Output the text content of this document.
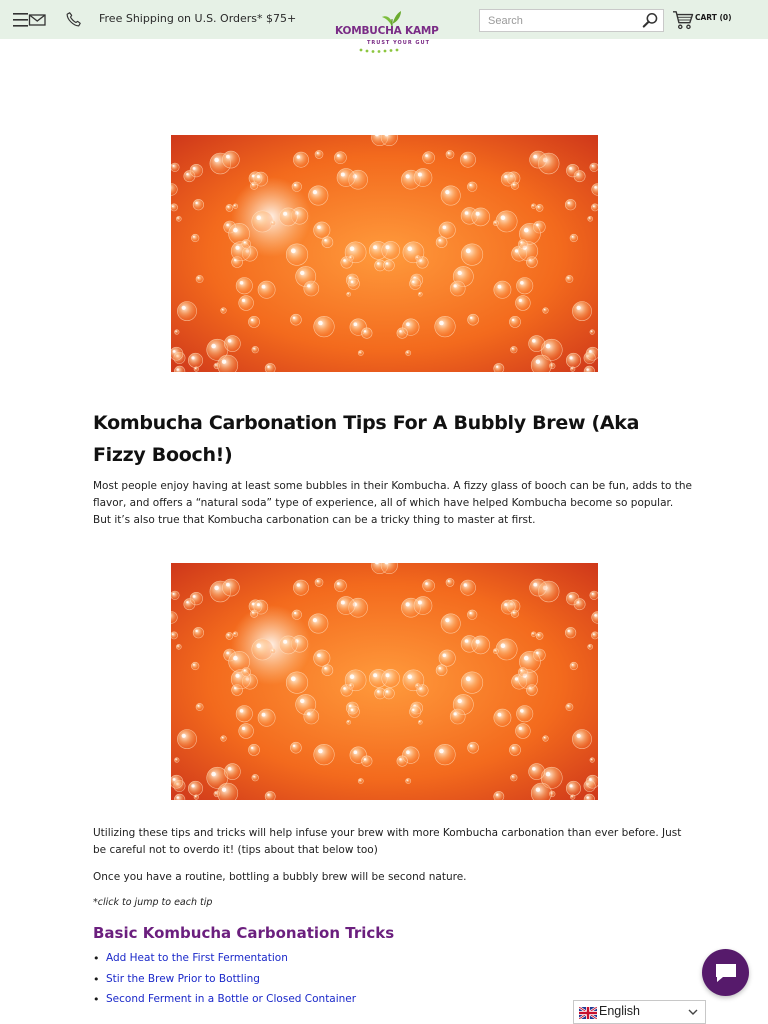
Free Shipping on U.S. Orders* $75+
KOMBUCHA KAMP
TRUST YOUR GUT
Search
CART (0)
Kombucha Carbonation Tips For A Bubbly Brew (Aka Fizzy Booch!)

Most people enjoy having at least some bubbles in their Kombucha. A fizzy glass of booch can be fun, adds to the flavor, and offers a “natural soda” type of experience, all of which have helped Kombucha become so popular. But it’s also true that Kombucha carbonation can be a tricky thing to master at first.

Utilizing these tips and tricks will help infuse your brew with more Kombucha carbonation than ever before. Just be careful not to overdo it! (tips about that below too)

Once you have a routine, bottling a bubbly brew will be second nature.

*click to jump to each tip

Basic Kombucha Carbonation Tricks
• Add Heat to the First Fermentation
• Stir the Brew Prior to Bottling
• Second Ferment in a Bottle or Closed Container
English
